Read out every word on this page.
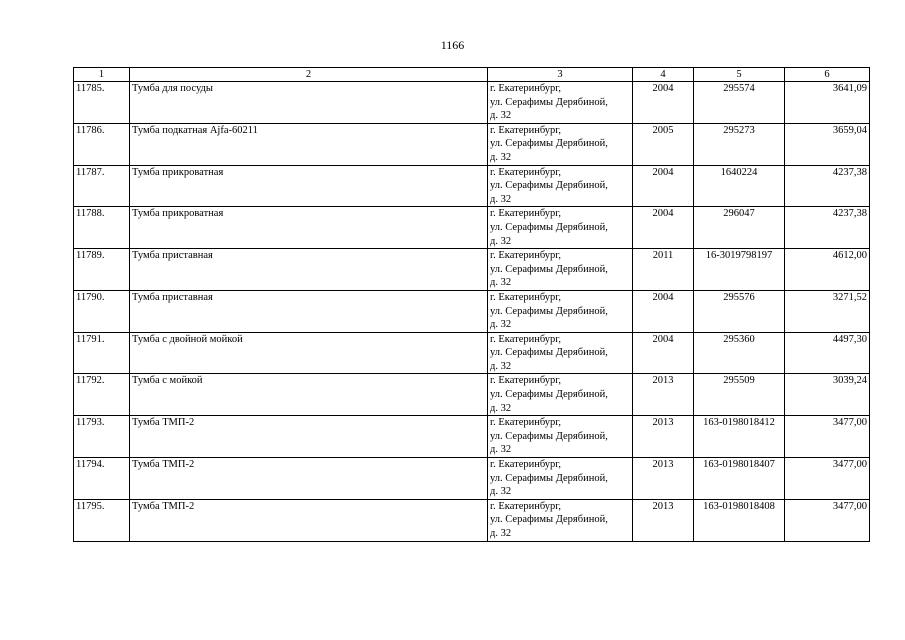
1166
1	2	3	4	5	6
11785.	Тумба для посуды	г. Екатеринбург,
ул. Серафимы Дерябиной,
д. 32	2004	295574	3641,09
11786.	Тумба подкатная Ajfa-60211	г. Екатеринбург,
ул. Серафимы Дерябиной,
д. 32	2005	295273	3659,04
11787.	Тумба прикроватная	г. Екатеринбург,
ул. Серафимы Дерябиной,
д. 32	2004	1640224	4237,38
11788.	Тумба прикроватная	г. Екатеринбург,
ул. Серафимы Дерябиной,
д. 32	2004	296047	4237,38
11789.	Тумба приставная	г. Екатеринбург,
ул. Серафимы Дерябиной,
д. 32	2011	16-3019798197	4612,00
11790.	Тумба приставная	г. Екатеринбург,
ул. Серафимы Дерябиной,
д. 32	2004	295576	3271,52
11791.	Тумба с двойной мойкой	г. Екатеринбург,
ул. Серафимы Дерябиной,
д. 32	2004	295360	4497,30
11792.	Тумба с мойкой	г. Екатеринбург,
ул. Серафимы Дерябиной,
д. 32	2013	295509	3039,24
11793.	Тумба ТМП-2	г. Екатеринбург,
ул. Серафимы Дерябиной,
д. 32	2013	163-0198018412	3477,00
11794.	Тумба ТМП-2	г. Екатеринбург,
ул. Серафимы Дерябиной,
д. 32	2013	163-0198018407	3477,00
11795.	Тумба ТМП-2	г. Екатеринбург,
ул. Серафимы Дерябиной,
д. 32	2013	163-0198018408	3477,00
